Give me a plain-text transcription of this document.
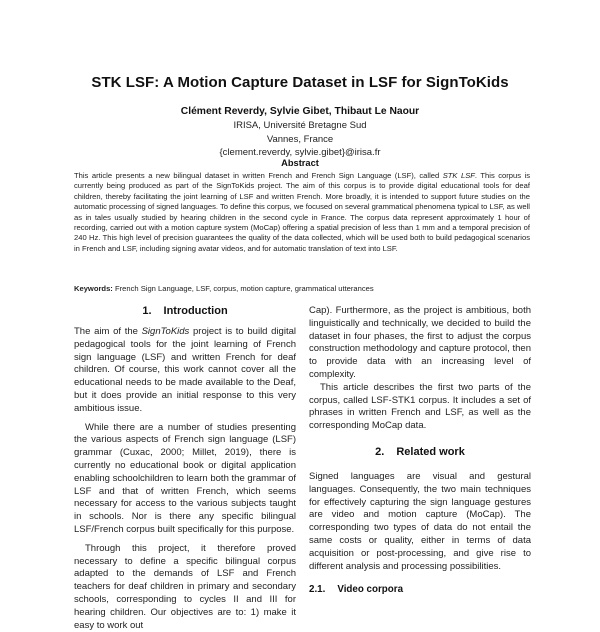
STK LSF: A Motion Capture Dataset in LSF for SignToKids
Clément Reverdy, Sylvie Gibet, Thibaut Le Naour
IRISA, Université Bretagne Sud
Vannes, France
{clement.reverdy, sylvie.gibet}@irisa.fr
Abstract
This article presents a new bilingual dataset in written French and French Sign Language (LSF), called STK LSF. This corpus is currently being produced as part of the SignToKids project. The aim of this corpus is to provide digital educational tools for deaf children, thereby facilitating the joint learning of LSF and written French. More broadly, it is intended to support future studies on the automatic processing of signed languages. To define this corpus, we focused on several grammatical phenomena typical to LSF, as well as in tales usually studied by hearing children in the second cycle in France. The corpus data represent approximately 1 hour of recording, carried out with a motion capture system (MoCap) offering a spatial precision of less than 1 mm and a temporal precision of 240 Hz. This high level of precision guarantees the quality of the data collected, which will be used both to build pedagogical scenarios in French and LSF, including signing avatar videos, and for automatic translation of text into LSF.
Keywords: French Sign Language, LSF, corpus, motion capture, grammatical utterances
1. Introduction

The aim of the SignToKids project is to build digital pedagogical tools for the joint learning of French sign language (LSF) and written French for deaf children. Of course, this work cannot cover all the educational needs to be made available to the Deaf, but it does provide an initial response to this very ambitious issue.

While there are a number of studies presenting the various aspects of French sign language (LSF) grammar (Cuxac, 2000; Millet, 2019), there is currently no educational book or digital application enabling schoolchildren to learn both the grammar of LSF and that of written French, which seems necessary for access to the various subjects taught in schools. Nor is there any specific bilingual LSF/French corpus built specifically for this purpose.

Through this project, it therefore proved necessary to define a specific bilingual corpus adapted to the demands of LSF and French teachers for deaf children in primary and secondary schools, corresponding to cycles II and III for hearing children. Our objectives are to: 1) make it easy to work out

Cap). Furthermore, as the project is ambitious, both linguistically and technically, we decided to build the dataset in four phases, the first to adjust the corpus construction methodology and capture protocol, then to provide data with an increasing level of complexity.

This article describes the first two parts of the corpus, called LSF-STK1 corpus. It includes a set of phrases in written French and LSF, as well as the corresponding MoCap data.

2. Related work

Signed languages are visual and gestural languages. Consequently, the two main techniques for effectively capturing the sign language gestures are video and motion capture (MoCap). The corresponding two types of data do not entail the same costs or quality, either in terms of data acquisition or post-processing, and give rise to different analysis and processing possibilities.

2.1. Video corpora
